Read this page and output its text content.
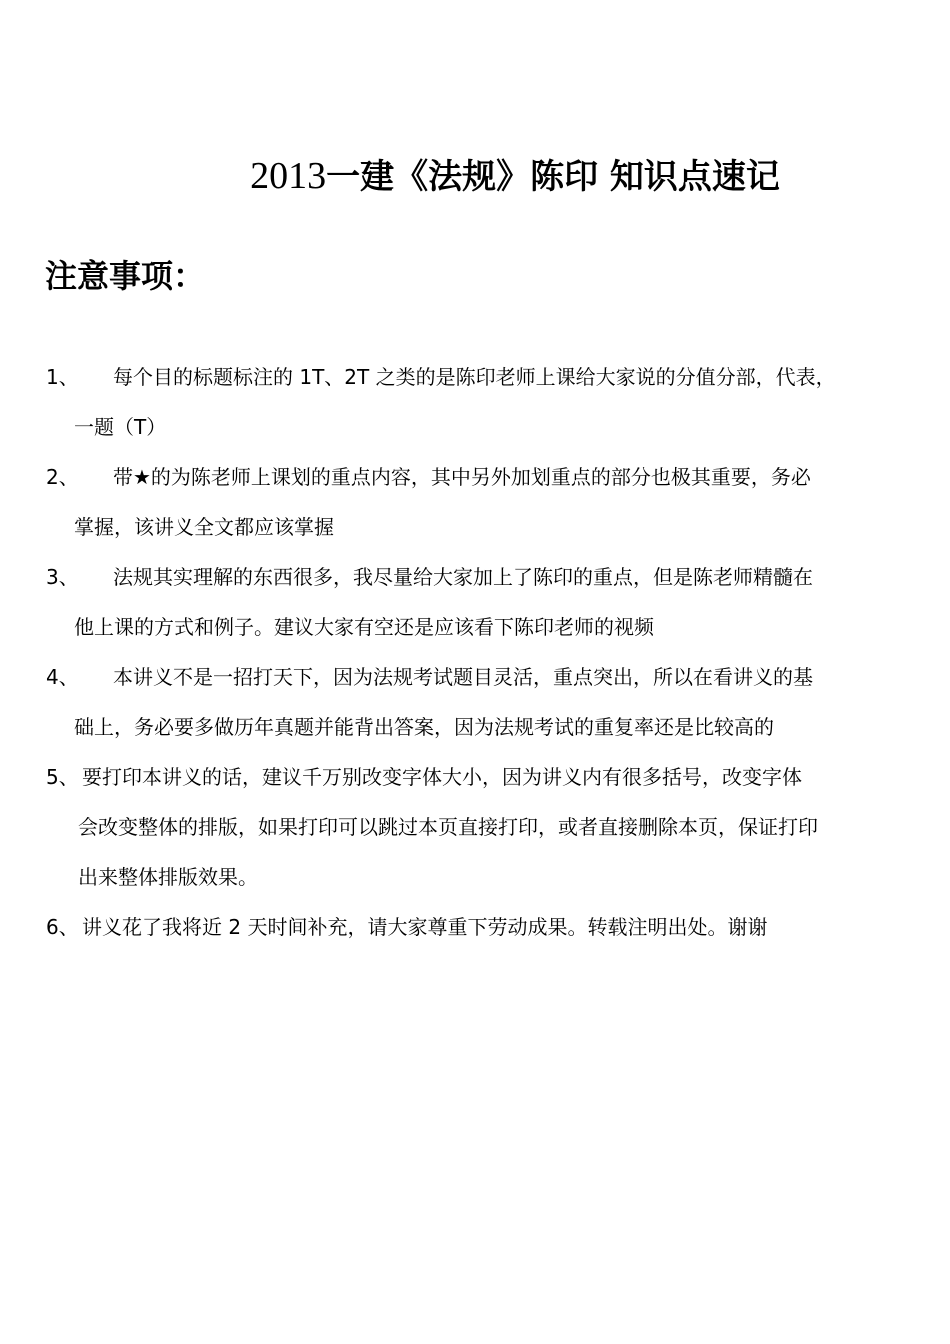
2013一建《法规》陈印 知识点速记
注意事项：
1、	每个目的标题标注的 1T、2T 之类的是陈印老师上课给大家说的分值分部，代表，
一题（T）
2、	带★的为陈老师上课划的重点内容，其中另外加划重点的部分也极其重要，务必
掌握，该讲义全文都应该掌握
3、	法规其实理解的东西很多，我尽量给大家加上了陈印的重点，但是陈老师精髓在
他上课的方式和例子。建议大家有空还是应该看下陈印老师的视频
4、	本讲义不是一招打天下，因为法规考试题目灵活，重点突出，所以在看讲义的基
础上，务必要多做历年真题并能背出答案，因为法规考试的重复率还是比较高的
5、 要打印本讲义的话，建议千万别改变字体大小，因为讲义内有很多括号，改变字体
会改变整体的排版，如果打印可以跳过本页直接打印，或者直接删除本页，保证打印
出来整体排版效果。
6、 讲义花了我将近 2 天时间补充，请大家尊重下劳动成果。转载注明出处。谢谢
